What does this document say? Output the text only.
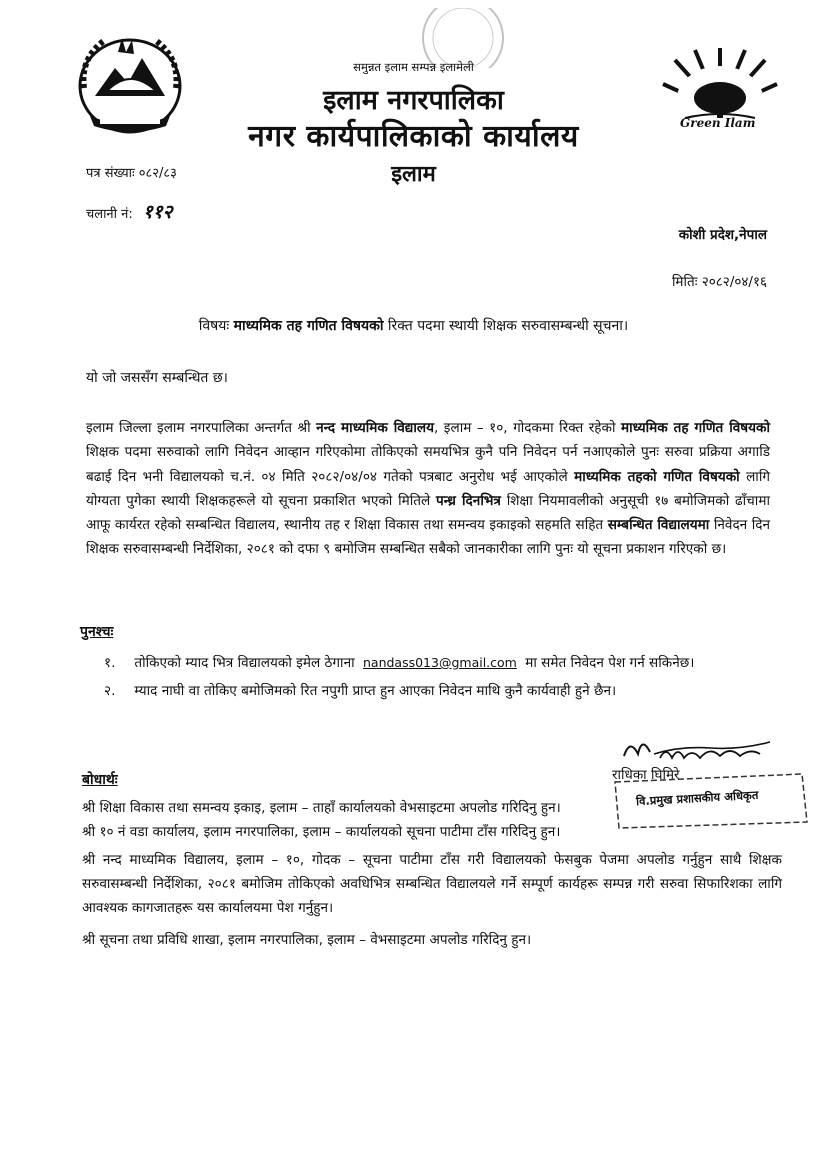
Green Ilam
समुन्नत इलाम सम्पन्न इलामेली
इलाम नगरपालिका
नगर कार्यपालिकाको कार्यालय
इलाम
पत्र संख्याः ०८२/८३
चलानी नं: ११२
कोशी प्रदेश,नेपाल
मितिः २०८२/०४/१६
विषयः माध्यमिक तह गणित विषयको रिक्त पदमा स्थायी शिक्षक सरुवासम्बन्धी सूचना।
यो जो जससँग सम्बन्धित छ।
इलाम जिल्ला इलाम नगरपालिका अन्तर्गत श्री नन्द माध्यमिक विद्यालय, इलाम – १०, गोदकमा रिक्त रहेको माध्यमिक तह गणित विषयको शिक्षक पदमा सरुवाको लागि निवेदन आव्हान गरिएकोमा तोकिएको समयभित्र कुनै पनि निवेदन पर्न नआएकोले पुनः सरुवा प्रक्रिया अगाडि बढाई दिन भनी विद्यालयको च.नं. ०४ मिति २०८२/०४/०४ गतेको पत्रबाट अनुरोध भई आएकोले माध्यमिक तहको गणित विषयको लागि योग्यता पुगेका स्थायी शिक्षकहरूले यो सूचना प्रकाशित भएको मितिले पन्ध्र दिनभित्र शिक्षा नियमावलीको अनुसूची १७ बमोजिमको ढाँचामा आफू कार्यरत रहेको सम्बन्धित विद्यालय, स्थानीय तह र शिक्षा विकास तथा समन्वय इकाइको सहमति सहित सम्बन्धित विद्यालयमा निवेदन दिन शिक्षक सरुवासम्बन्धी निर्देशिका, २०८१ को दफा ९ बमोजिम सम्बन्धित सबैको जानकारीका लागि पुनः यो सूचना प्रकाशन गरिएको छ।
पुनश्चः
१. तोकिएको म्याद भित्र विद्यालयको इमेल ठेगाना nandass013@gmail.com मा समेत निवेदन पेश गर्न सकिनेछ।
२. म्याद नाघी वा तोकिए बमोजिमको रित नपुगी प्राप्त हुन आएका निवेदन माथि कुनै कार्यवाही हुने छैन।
राधिका घिमिरे
वि.प्रमुख प्रशासकीय अधिकृत
बोधार्थः
श्री शिक्षा विकास तथा समन्वय इकाइ, इलाम – ताहाँ कार्यालयको वेभसाइटमा अपलोड गरिदिनु हुन।
श्री १० नं वडा कार्यालय, इलाम नगरपालिका, इलाम – कार्यालयको सूचना पाटीमा टाँस गरिदिनु हुन।
श्री नन्द माध्यमिक विद्यालय, इलाम – १०, गोदक – सूचना पाटीमा टाँस गरी विद्यालयको फेसबुक पेजमा अपलोड गर्नुहुन साथै शिक्षक सरुवासम्बन्धी निर्देशिका, २०८१ बमोजिम तोकिएको अवधिभित्र सम्बन्धित विद्यालयले गर्ने सम्पूर्ण कार्यहरू सम्पन्न गरी सरुवा सिफारिशका लागि आवश्यक कागजातहरू यस कार्यालयमा पेश गर्नुहुन।
श्री सूचना तथा प्रविधि शाखा, इलाम नगरपालिका, इलाम – वेभसाइटमा अपलोड गरिदिनु हुन।
